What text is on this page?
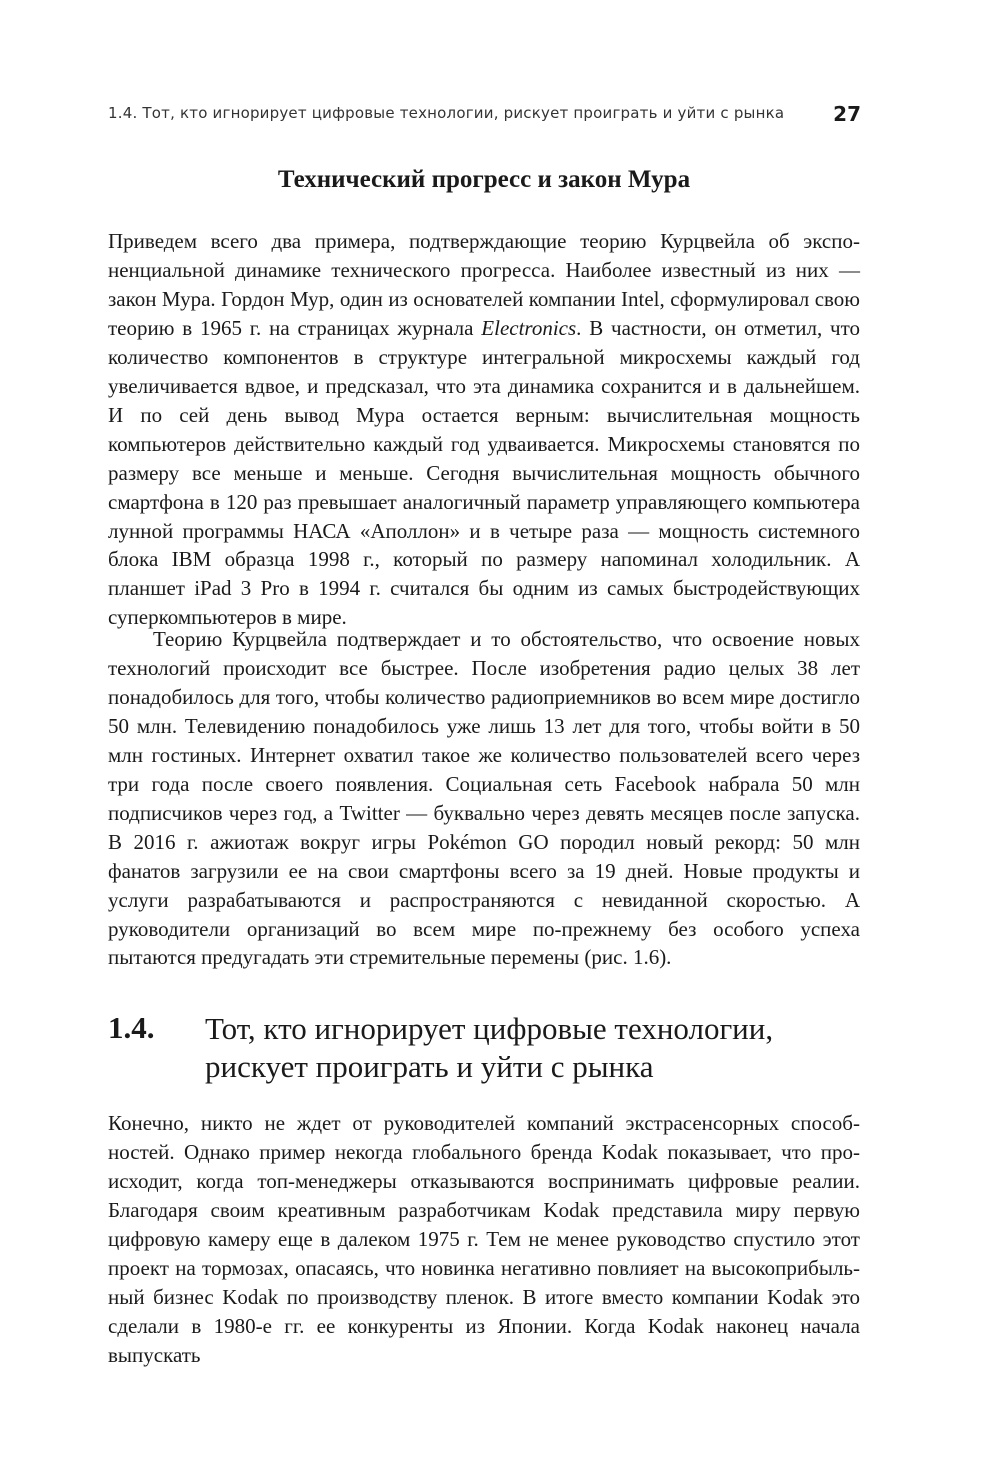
1.4. Тот, кто игнорирует цифровые технологии, рискует проиграть и уйти с рынка	27
Технический прогресс и закон Мура
Приведем всего два примера, подтверждающие теорию Курцвейла об экспоненциальной динамике технического прогресса. Наиболее известный из них — закон Мура. Гордон Мур, один из основателей компании Intel, сформулировал свою теорию в 1965 г. на страницах журнала Electronics. В частности, он отметил, что количество компонентов в структуре интегральной микросхемы каждый год увеличивается вдвое, и предсказал, что эта динамика сохранится и в дальнейшем. И по сей день вывод Мура остается верным: вычислительная мощность компьютеров действительно каждый год удваивается. Микросхемы становятся по размеру все меньше и меньше. Сегодня вычислительная мощность обычного смартфона в 120 раз превышает аналогичный параметр управляющего компьютера лунной программы НАСА «Аполлон» и в четыре раза — мощность системного блока IBM образца 1998 г., который по размеру напоминал холодильник. А планшет iPad 3 Pro в 1994 г. считался бы одним из самых быстродействующих суперкомпьютеров в мире.
Теорию Курцвейла подтверждает и то обстоятельство, что освоение новых технологий происходит все быстрее. После изобретения радио целых 38 лет понадобилось для того, чтобы количество радиоприемников во всем мире достигло 50 млн. Телевидению понадобилось уже лишь 13 лет для того, чтобы войти в 50 млн гостиных. Интернет охватил такое же количество пользователей всего через три года после своего появления. Социальная сеть Facebook набрала 50 млн подписчиков через год, а Twitter — буквально через девять месяцев после запуска. В 2016 г. ажиотаж вокруг игры Pokémon GO породил новый рекорд: 50 млн фанатов загрузили ее на свои смартфоны всего за 19 дней. Новые продукты и услуги разрабатываются и распространяются с невиданной скоростью. А руководители организаций во всем мире по-прежнему без особого успеха пытаются предугадать эти стремительные перемены (рис. 1.6).
1.4. Тот, кто игнорирует цифровые технологии,
рискует проиграть и уйти с рынка
Конечно, никто не ждет от руководителей компаний экстрасенсорных способностей. Однако пример некогда глобального бренда Kodak показывает, что происходит, когда топ-менеджеры отказываются воспринимать цифровые реалии. Благодаря своим креативным разработчикам Kodak представила миру первую цифровую камеру еще в далеком 1975 г. Тем не менее руководство спустило этот проект на тормозах, опасаясь, что новинка негативно повлияет на высокоприбыльный бизнес Kodak по производству пленок. В итоге вместо компании Kodak это сделали в 1980-е гг. ее конкуренты из Японии. Когда Kodak наконец начала выпускать
